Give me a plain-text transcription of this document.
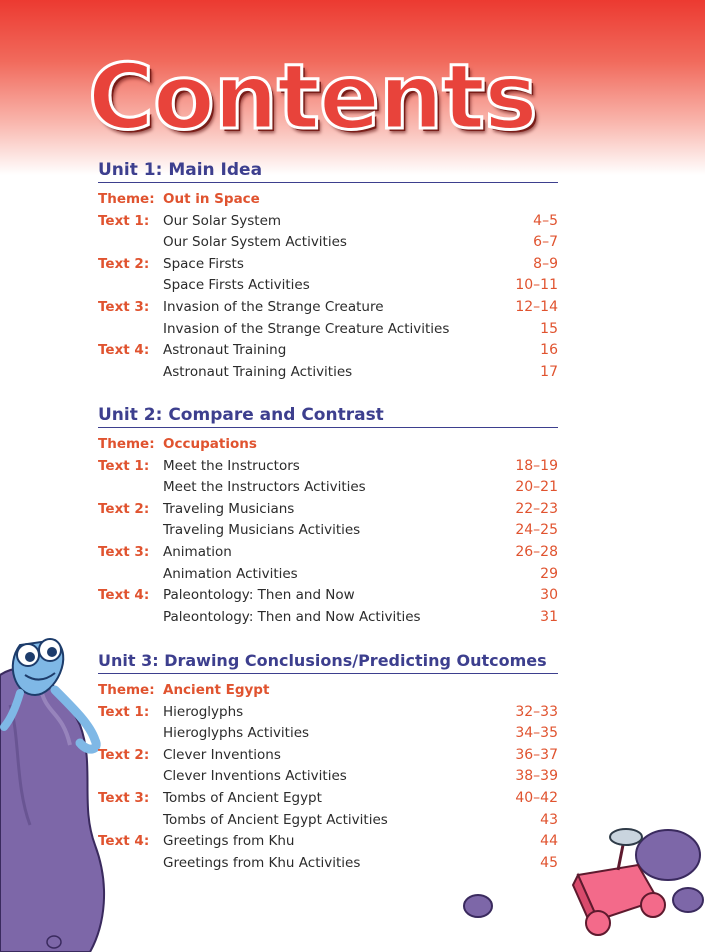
Contents
Unit 1: Main Idea
Theme: Out in Space
Text 1:	Our Solar System	4–5
Our Solar System Activities	6–7
Text 2:	Space Firsts	8–9
Space Firsts Activities	10–11
Text 3:	Invasion of the Strange Creature	12–14
Invasion of the Strange Creature Activities	15
Text 4:	Astronaut Training	16
Astronaut Training Activities	17
Unit 2: Compare and Contrast
Theme: Occupations
Text 1:	Meet the Instructors	18–19
Meet the Instructors Activities	20–21
Text 2:	Traveling Musicians	22–23
Traveling Musicians Activities	24–25
Text 3:	Animation	26–28
Animation Activities	29
Text 4:	Paleontology: Then and Now	30
Paleontology: Then and Now Activities	31
Unit 3: Drawing Conclusions/Predicting Outcomes
Theme: Ancient Egypt
Text 1:	Hieroglyphs	32–33
Hieroglyphs Activities	34–35
Text 2:	Clever Inventions	36–37
Clever Inventions Activities	38–39
Text 3:	Tombs of Ancient Egypt	40–42
Tombs of Ancient Egypt Activities	43
Text 4:	Greetings from Khu	44
Greetings from Khu Activities	45
